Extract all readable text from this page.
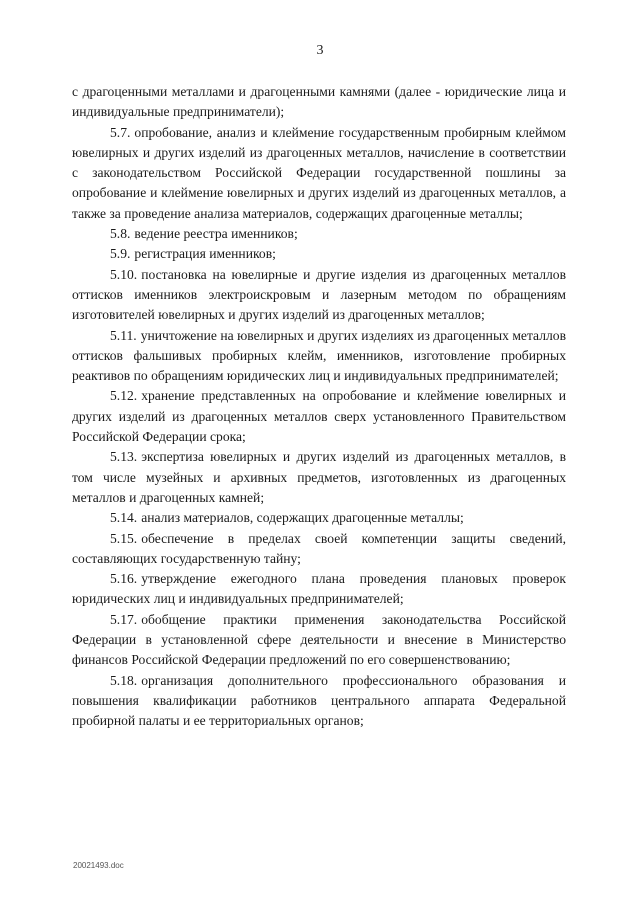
3

с драгоценными металлами и драгоценными камнями (далее - юридические лица и индивидуальные предприниматели);

5.7. опробование, анализ и клеймение государственным пробирным клеймом ювелирных и других изделий из драгоценных металлов, начисление в соответствии с законодательством Российской Федерации государственной пошлины за опробование и клеймение ювелирных и других изделий из драгоценных металлов, а также за проведение анализа материалов, содержащих драгоценные металлы;

5.8. ведение реестра именников;

5.9. регистрация именников;

5.10. постановка на ювелирные и другие изделия из драгоценных металлов оттисков именников электроискровым и лазерным методом по обращениям изготовителей ювелирных и других изделий из драгоценных металлов;

5.11. уничтожение на ювелирных и других изделиях из драгоценных металлов оттисков фальшивых пробирных клейм, именников, изготовление пробирных реактивов по обращениям юридических лиц и индивидуальных предпринимателей;

5.12. хранение представленных на опробование и клеймение ювелирных и других изделий из драгоценных металлов сверх установленного Правительством Российской Федерации срока;

5.13. экспертиза ювелирных и других изделий из драгоценных металлов, в том числе музейных и архивных предметов, изготовленных из драгоценных металлов и драгоценных камней;

5.14. анализ материалов, содержащих драгоценные металлы;

5.15. обеспечение в пределах своей компетенции защиты сведений, составляющих государственную тайну;

5.16. утверждение ежегодного плана проведения плановых проверок юридических лиц и индивидуальных предпринимателей;

5.17. обобщение практики применения законодательства Российской Федерации в установленной сфере деятельности и внесение в Министерство финансов Российской Федерации предложений по его совершенствованию;

5.18. организация дополнительного профессионального образования и повышения квалификации работников центрального аппарата Федеральной пробирной палаты и ее территориальных органов;

20021493.doc
